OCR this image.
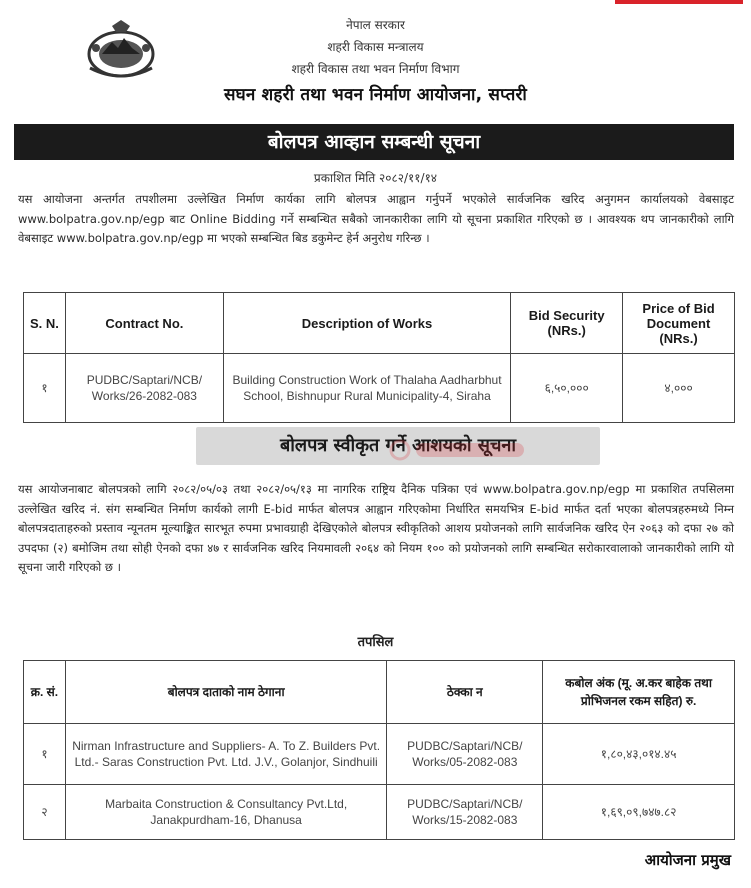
नेपाल सरकार
शहरी विकास मन्त्रालय
शहरी विकास तथा भवन निर्माण विभाग
सघन शहरी तथा भवन निर्माण आयोजना, सप्तरी
बोलपत्र आव्हान सम्बन्धी सूचना
प्रकाशित मिति २०८२/११/१४
यस आयोजना अन्तर्गत तपशीलमा उल्लेखित निर्माण कार्यका लागि बोलपत्र आह्वान गर्नुपर्ने भएकोले सार्वजनिक खरिद अनुगमन कार्यालयको वेबसाइट www.bolpatra.gov.np/egp बाट Online Bidding गर्ने सम्बन्धित सबैको जानकारीका लागि यो सूचना प्रकाशित गरिएको छ । आवश्यक थप जानकारीको लागि वेबसाइट www.bolpatra.gov.np/egp मा भएको सम्बन्धित बिड डकुमेन्ट हेर्न अनुरोध गरिन्छ ।
S. N.	Contract No.	Description of Works	Bid Security (NRs.)	Price of Bid Document (NRs.)
१	PUDBC/Saptari/NCB/ Works/26-2082-083	Building Construction Work of Thalaha Aadharbhut School, Bishnupur Rural Municipality-4, Siraha	६,५०,०००	४,०००
बोलपत्र स्वीकृत गर्ने आशयको सूचना
यस आयोजनाबाट बोलपत्रको लागि २०८२/०५/०३ तथा २०८२/०५/१३ मा नागरिक राष्ट्रिय दैनिक पत्रिका एवं www.bolpatra.gov.np/egp मा प्रकाशित तपसिलमा उल्लेखित खरिद नं. संग सम्बन्धित निर्माण कार्यको लागी E-bid मार्फत बोलपत्र आह्वान गरिएकोमा निर्धारित समयभित्र E-bid मार्फत दर्ता भएका बोलपत्रहरुमध्ये निम्न बोलपत्रदाताहरुको प्रस्ताव न्यूनतम मूल्याङ्कित सारभूत रुपमा प्रभावग्राही देखिएकोले बोलपत्र स्वीकृतिको आशय प्रयोजनको लागि सार्वजनिक खरिद ऐन २०६३ को दफा २७ को उपदफा (२) बमोजिम तथा सोही ऐनको दफा ४७ र सार्वजनिक खरिद नियमावली २०६४ को नियम १०० को प्रयोजनको लागि सम्बन्धित सरोकारवालाको जानकारीको लागि यो सूचना जारी गरिएको छ ।
तपसिल
क्र. सं.	बोलपत्र दाताको नाम ठेगाना	ठेक्का न	कबोल अंक (मू. अ.कर बाहेक तथा प्रोभिजनल रकम सहित) रु.
१	Nirman Infrastructure and Suppliers- A. To Z. Builders Pvt. Ltd.- Saras Construction Pvt. Ltd. J.V., Golanjor, Sindhuili	PUDBC/Saptari/NCB/ Works/05-2082-083	१,८०,४३,०१४.४५
२	Marbaita Construction & Consultancy Pvt.Ltd, Janakpurdham-16, Dhanusa	PUDBC/Saptari/NCB/ Works/15-2082-083	१,६९,०९,७४७.८२
आयोजना प्रमुख
